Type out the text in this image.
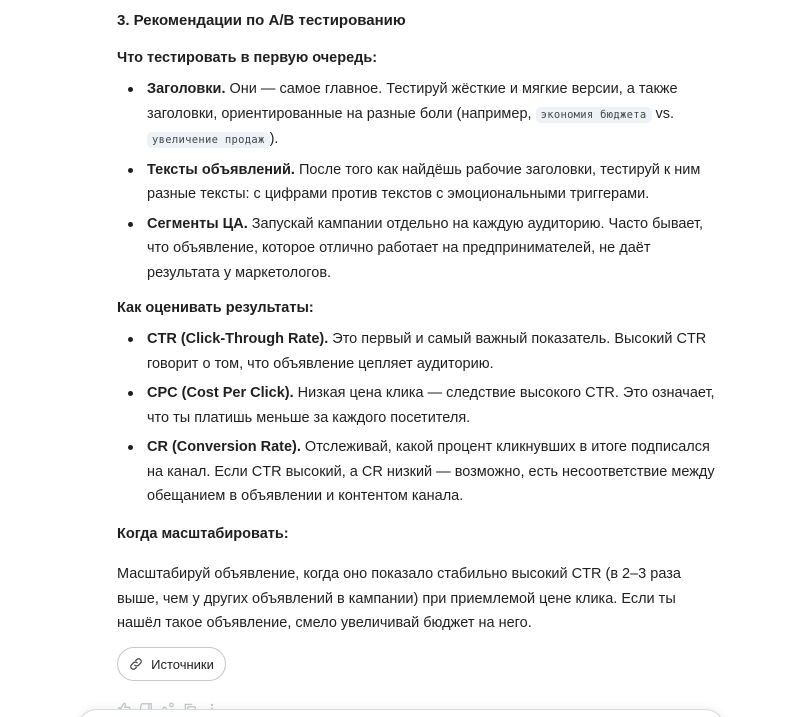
3. Рекомендации по A/B тестированию
Что тестировать в первую очередь:
Заголовки. Они — самое главное. Тестируй жёсткие и мягкие версии, а также заголовки, ориентированные на разные боли (например, экономия бюджета vs. увеличение продаж ).
Тексты объявлений. После того как найдёшь рабочие заголовки, тестируй к ним разные тексты: с цифрами против текстов с эмоциональными триггерами.
Сегменты ЦА. Запускай кампании отдельно на каждую аудиторию. Часто бывает, что объявление, которое отлично работает на предпринимателей, не даёт результата у маркетологов.
Как оценивать результаты:
CTR (Click-Through Rate). Это первый и самый важный показатель. Высокий CTR говорит о том, что объявление цепляет аудиторию.
CPC (Cost Per Click). Низкая цена клика — следствие высокого CTR. Это означает, что ты платишь меньше за каждого посетителя.
CR (Conversion Rate). Отслеживай, какой процент кликнувших в итоге подписался на канал. Если CTR высокий, а CR низкий — возможно, есть несоответствие между обещанием в объявлении и контентом канала.
Когда масштабировать:
Масштабируй объявление, когда оно показало стабильно высокий CTR (в 2–3 раза выше, чем у других объявлений в кампании) при приемлемой цене клика. Если ты нашёл такое объявление, смело увеличивай бюджет на него.
Источники
